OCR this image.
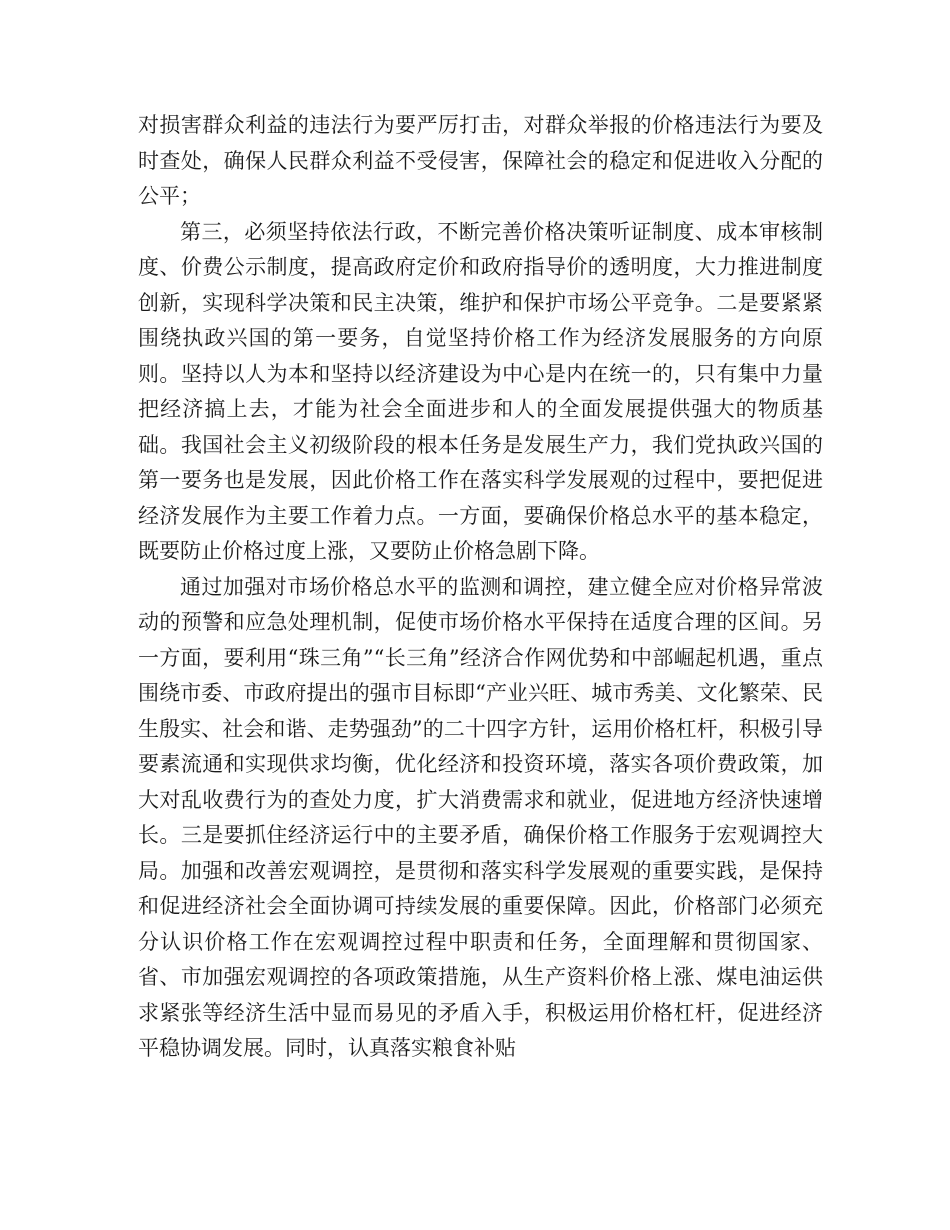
对损害群众利益的违法行为要严厉打击，对群众举报的价格违法行为要及时查处，确保人民群众利益不受侵害，保障社会的稳定和促进收入分配的公平；

第三，必须坚持依法行政，不断完善价格决策听证制度、成本审核制度、价费公示制度，提高政府定价和政府指导价的透明度，大力推进制度创新，实现科学决策和民主决策，维护和保护市场公平竞争。二是要紧紧围绕执政兴国的第一要务，自觉坚持价格工作为经济发展服务的方向原则。坚持以人为本和坚持以经济建设为中心是内在统一的，只有集中力量把经济搞上去，才能为社会全面进步和人的全面发展提供强大的物质基础。我国社会主义初级阶段的根本任务是发展生产力，我们党执政兴国的第一要务也是发展，因此价格工作在落实科学发展观的过程中，要把促进经济发展作为主要工作着力点。一方面，要确保价格总水平的基本稳定，既要防止价格过度上涨，又要防止价格急剧下降。

通过加强对市场价格总水平的监测和调控，建立健全应对价格异常波动的预警和应急处理机制，促使市场价格水平保持在适度合理的区间。另一方面，要利用“珠三角”“长三角”经济合作网优势和中部崛起机遇，重点围绕市委、市政府提出的强市目标即“产业兴旺、城市秀美、文化繁荣、民生殷实、社会和谐、走势强劲”的二十四字方针，运用价格杠杆，积极引导要素流通和实现供求均衡，优化经济和投资环境，落实各项价费政策，加大对乱收费行为的查处力度，扩大消费需求和就业，促进地方经济快速增长。三是要抓住经济运行中的主要矛盾，确保价格工作服务于宏观调控大局。加强和改善宏观调控，是贯彻和落实科学发展观的重要实践，是保持和促进经济社会全面协调可持续发展的重要保障。因此，价格部门必须充分认识价格工作在宏观调控过程中职责和任务，全面理解和贯彻国家、省、市加强宏观调控的各项政策措施，从生产资料价格上涨、煤电油运供求紧张等经济生活中显而易见的矛盾入手，积极运用价格杠杆，促进经济平稳协调发展。同时，认真落实粮食补贴
